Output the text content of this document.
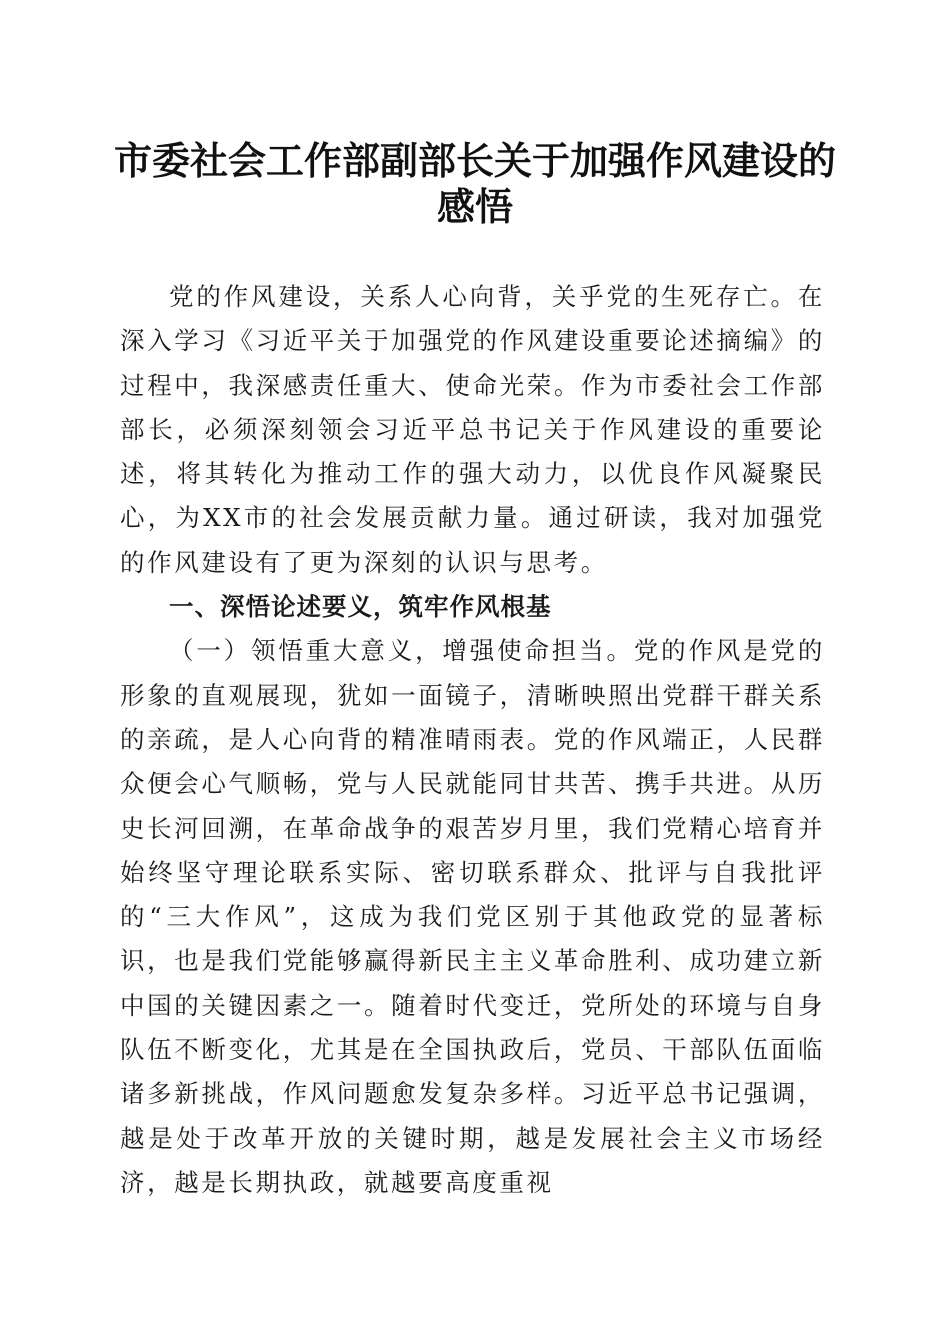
市委社会工作部副部长关于加强作风建设的感悟

党的作风建设，关系人心向背，关乎党的生死存亡。在深入学习《习近平关于加强党的作风建设重要论述摘编》的过程中，我深感责任重大、使命光荣。作为市委社会工作部部长，必须深刻领会习近平总书记关于作风建设的重要论述，将其转化为推动工作的强大动力，以优良作风凝聚民心，为XX市的社会发展贡献力量。通过研读，我对加强党的作风建设有了更为深刻的认识与思考。

一、深悟论述要义，筑牢作风根基

（一）领悟重大意义，增强使命担当。党的作风是党的形象的直观展现，犹如一面镜子，清晰映照出党群干群关系的亲疏，是人心向背的精准晴雨表。党的作风端正，人民群众便会心气顺畅，党与人民就能同甘共苦、携手共进。从历史长河回溯，在革命战争的艰苦岁月里，我们党精心培育并始终坚守理论联系实际、密切联系群众、批评与自我批评的“三大作风”，这成为我们党区别于其他政党的显著标识，也是我们党能够赢得新民主主义革命胜利、成功建立新中国的关键因素之一。随着时代变迁，党所处的环境与自身队伍不断变化，尤其是在全国执政后，党员、干部队伍面临诸多新挑战，作风问题愈发复杂多样。习近平总书记强调，越是处于改革开放的关键时期，越是发展社会主义市场经济，越是长期执政，就越要高度重视
